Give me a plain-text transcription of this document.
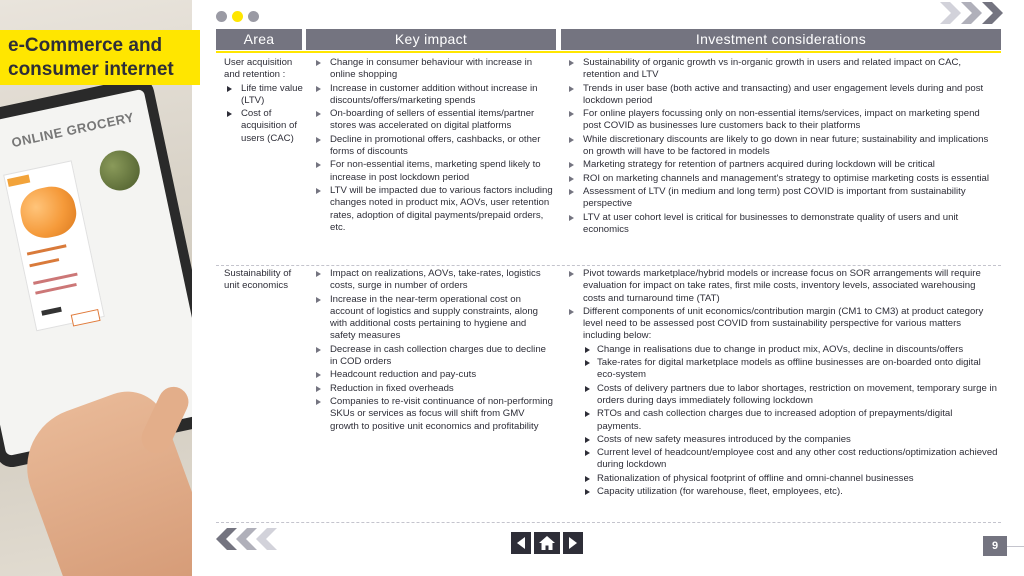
ONLINE GROCERY
e-Commerce and
consumer internet
Area	Key impact	Investment considerations
User acquisition and retention :
Life time value (LTV)
Cost of acquisition of users (CAC)
Change in consumer behaviour with increase in online shopping
Increase in customer addition without increase in discounts/offers/marketing spends
On-boarding of sellers of essential items/partner stores was accelerated on digital platforms
Decline in promotional offers, cashbacks, or other forms of discounts
For non-essential items, marketing spend likely to increase in post lockdown period
LTV will be impacted due to various factors including changes noted in product mix, AOVs, user retention rates, adoption of digital payments/prepaid orders, etc.
Sustainability of organic growth vs in-organic growth in users and related impact on CAC, retention and LTV
Trends in user base (both active and transacting) and user engagement levels during and post lockdown period
For online players focussing only on non-essential items/services, impact on marketing spend post COVID as businesses lure customers back to their platforms
While discretionary discounts are likely to go down in near future; sustainability and implications on growth will have to be factored in models
Marketing strategy for retention of partners acquired during lockdown will be critical
ROI on marketing channels and management's strategy to optimise marketing costs is essential
Assessment of LTV (in medium and long term) post COVID is important from sustainability perspective
LTV at user cohort level is critical for businesses to demonstrate quality of users and unit economics
Sustainability of unit economics
Impact on realizations, AOVs, take-rates, logistics costs, surge in number of orders
Increase in the near-term operational cost on account of logistics and supply constraints, along with additional costs pertaining to hygiene and safety measures
Decrease in cash collection charges due to decline in COD orders
Headcount reduction and pay-cuts
Reduction in fixed overheads
Companies to re-visit continuance of non-performing SKUs or services as focus will shift from GMV growth to positive unit economics and profitability
Pivot towards marketplace/hybrid models or increase focus on SOR arrangements will require evaluation for impact on take rates, first mile costs, inventory levels, associated warehousing costs and turnaround time (TAT)
Different components of unit economics/contribution margin (CM1 to CM3) at product category level need to be assessed post COVID from sustainability perspective for various matters including below:
Change in realisations due to change in product mix, AOVs, decline in discounts/offers
Take-rates for digital marketplace models as offline businesses are on-boarded onto digital eco-system
Costs of delivery partners due to labor shortages, restriction on movement, temporary surge in orders during days immediately following lockdown
RTOs and cash collection charges due to increased adoption of prepayments/digital payments.
Costs of new safety measures introduced by the companies
Current level of headcount/employee cost and any other cost reductions/optimization achieved during lockdown
Rationalization of physical footprint of offline and omni-channel businesses
Capacity utilization (for warehouse, fleet, employees, etc).
9
